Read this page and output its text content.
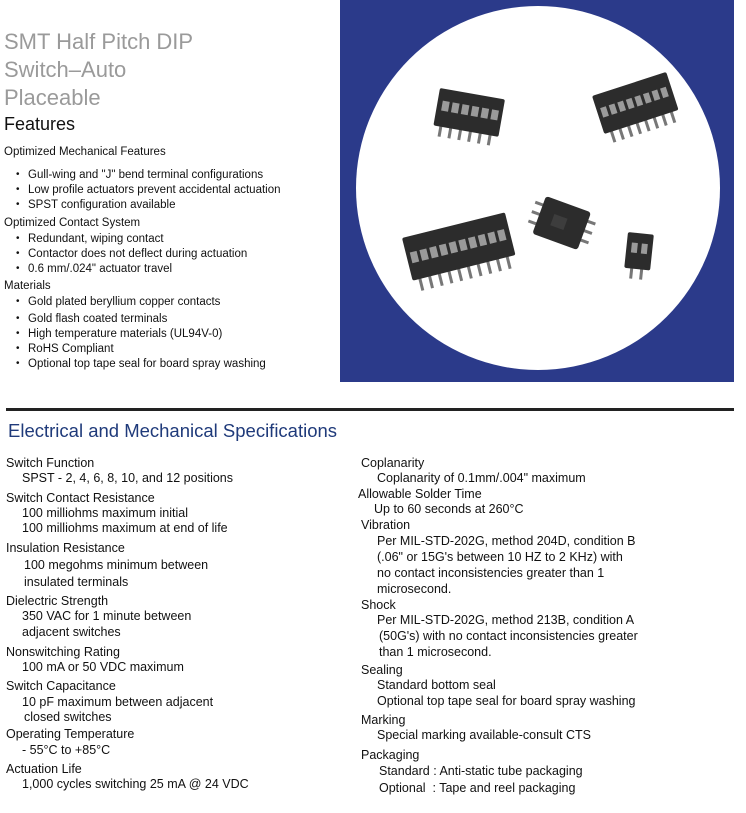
SMT Half Pitch DIP
Switch–Auto
Placeable
Features
Optimized Mechanical Features
• Gull-wing and "J" bend terminal configurations
• Low profile actuators prevent accidental actuation
• SPST configuration available
Optimized Contact System
• Redundant, wiping contact
• Contactor does not deflect during actuation
• 0.6 mm/.024" actuator travel
Materials
• Gold plated beryllium copper contacts
• Gold flash coated terminals
• High temperature materials (UL94V-0)
• RoHS Compliant
• Optional top tape seal for board spray washing
Electrical and Mechanical Specifications
Switch Function
SPST - 2, 4, 6, 8, 10, and 12 positions
Switch Contact Resistance
100 milliohms maximum initial
100 milliohms maximum at end of life
Insulation Resistance
100 megohms minimum between
insulated terminals
Dielectric Strength
350 VAC for 1 minute between
adjacent switches
Nonswitching Rating
100 mA or 50 VDC maximum
Switch Capacitance
10 pF maximum between adjacent
closed switches
Operating Temperature
- 55°C to +85°C
Actuation Life
1,000 cycles switching 25 mA @ 24 VDC
Coplanarity
Coplanarity of 0.1mm/.004" maximum
Allowable Solder Time
Up to 60 seconds at 260°C
Vibration
Per MIL-STD-202G, method 204D, condition B
(.06" or 15G's between 10 HZ to 2 KHz) with
no contact inconsistencies greater than 1
microsecond.
Shock
Per MIL-STD-202G, method 213B, condition A
(50G's) with no contact inconsistencies greater
than 1 microsecond.
Sealing
Standard bottom seal
Optional top tape seal for board spray washing
Marking
Special marking available-consult CTS
Packaging
Standard : Anti-static tube packaging
Optional  : Tape and reel packaging
